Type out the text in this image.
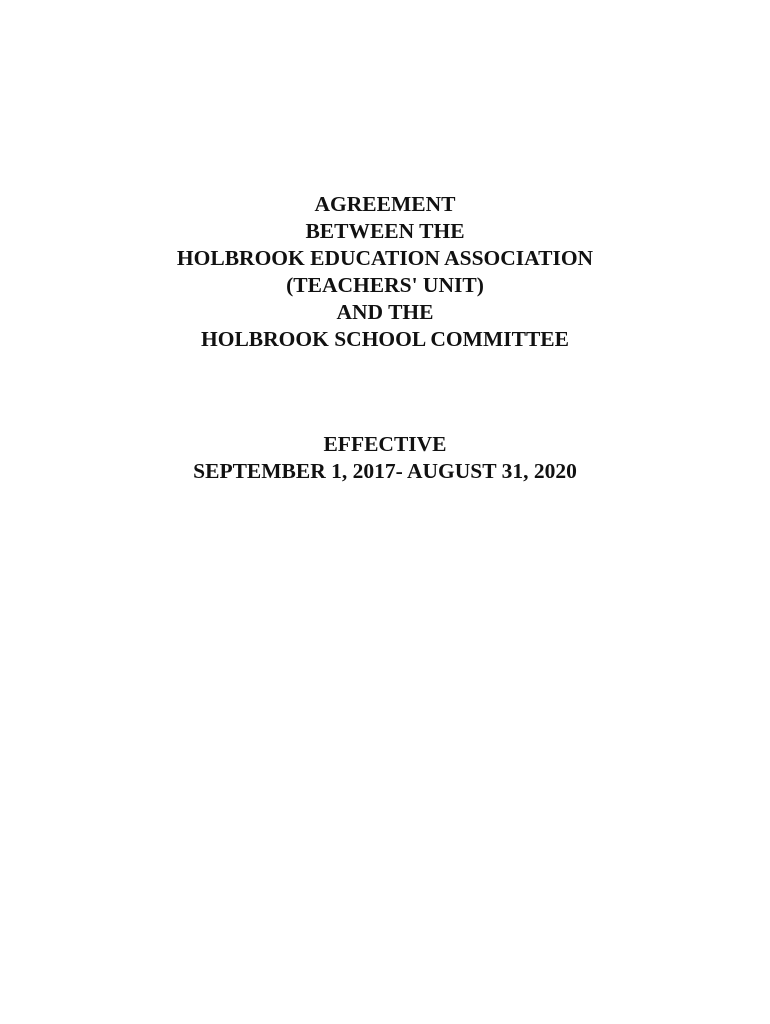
AGREEMENT
BETWEEN THE
HOLBROOK EDUCATION ASSOCIATION
(TEACHERS' UNIT)
AND THE
HOLBROOK SCHOOL COMMITTEE
EFFECTIVE
SEPTEMBER 1, 2017- AUGUST 31, 2020
